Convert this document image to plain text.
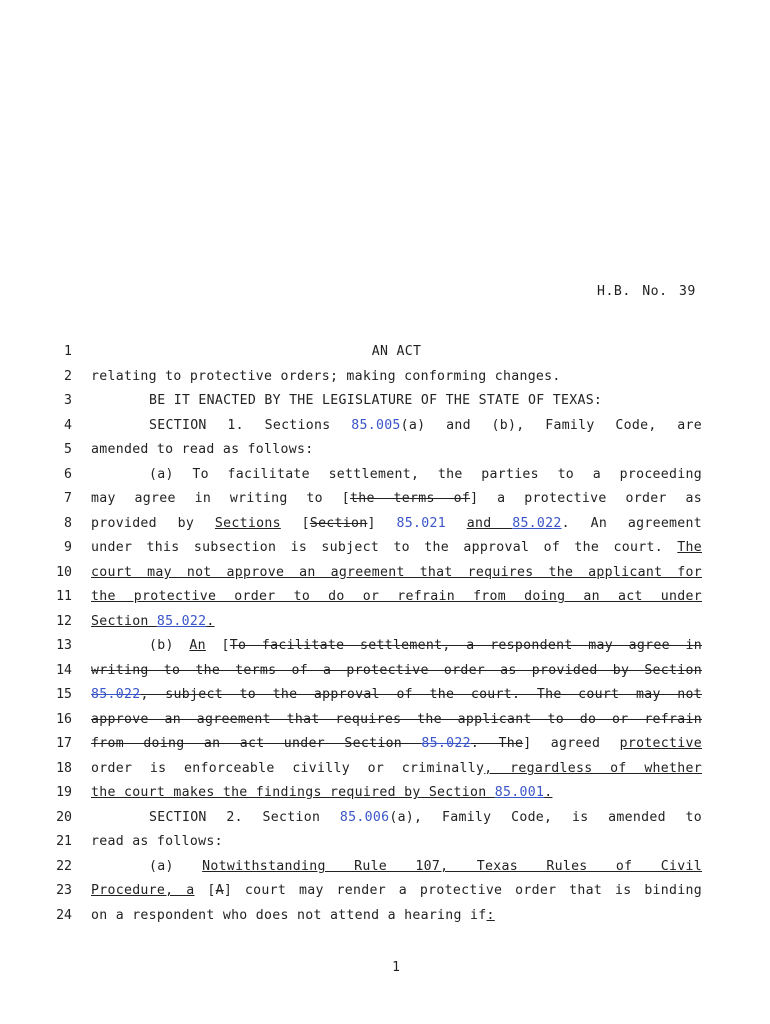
H.B. No. 39
1	AN ACT
2 relating to protective orders; making conforming changes.
3	BE IT ENACTED BY THE LEGISLATURE OF THE STATE OF TEXAS:
4	SECTION 1. Sections 85.005(a) and (b), Family Code, are
5 amended to read as follows:
6	(a) To facilitate settlement, the parties to a proceeding
7 may agree in writing to [the terms of] a protective order as
8 provided by Sections [Section] 85.021 and 85.022. An agreement
9 under this subsection is subject to the approval of the court. The
10 court may not approve an agreement that requires the applicant for
11 the protective order to do or refrain from doing an act under
12 Section 85.022.
13	(b) An [To facilitate settlement, a respondent may agree in
14 writing to the terms of a protective order as provided by Section
15 85.022, subject to the approval of the court. The court may not
16 approve an agreement that requires the applicant to do or refrain
17 from doing an act under Section 85.022. The] agreed protective
18 order is enforceable civilly or criminally, regardless of whether
19 the court makes the findings required by Section 85.001.
20	SECTION 2. Section 85.006(a), Family Code, is amended to
21 read as follows:
22	(a) Notwithstanding Rule 107, Texas Rules of Civil
23 Procedure, a [A] court may render a protective order that is binding
24 on a respondent who does not attend a hearing if:
1
